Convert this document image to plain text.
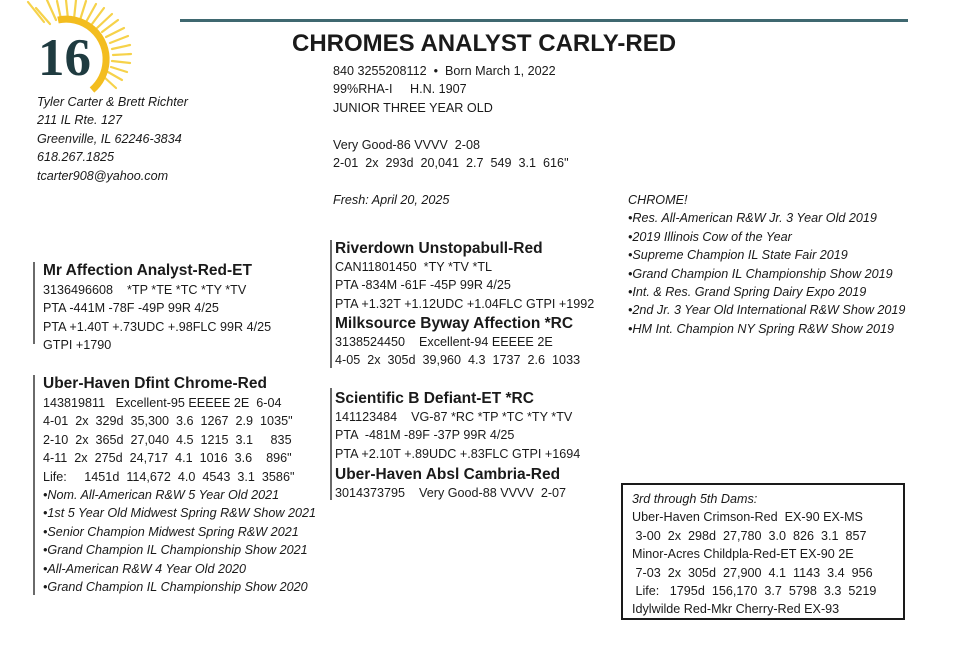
16	CHROMES ANALYST CARLY-RED
Tyler Carter & Brett Richter
211 IL Rte. 127
Greenville, IL 62246-3834
618.267.1825
tcarter908@yahoo.com
840 3255208112  •  Born March 1, 2022
99%RHA-I     H.N. 1907
JUNIOR THREE YEAR OLD
Very Good-86 VVVV  2-08
2-01  2x  293d  20,041  2.7  549  3.1  616"
Fresh: April 20, 2025
Mr Affection Analyst-Red-ET
3136496608    *TP *TE *TC *TY *TV
PTA -441M -78F -49P 99R 4/25
PTA +1.40T +.73UDC +.98FLC 99R 4/25
GTPI +1790
Uber-Haven Dfint Chrome-Red
143819811   Excellent-95 EEEEE 2E  6-04
4-01  2x  329d  35,300  3.6  1267  2.9  1035"
2-10  2x  365d  27,040  4.5  1215  3.1     835
4-11  2x  275d  24,717  4.1  1016  3.6    896"
Life:     1451d  114,672  4.0  4543  3.1  3586"
•Nom. All-American R&W 5 Year Old 2021
•1st 5 Year Old Midwest Spring R&W Show 2021
•Senior Champion Midwest Spring R&W 2021
•Grand Champion IL Championship Show 2021
•All-American R&W 4 Year Old 2020
•Grand Champion IL Championship Show 2020
Riverdown Unstopabull-Red
CAN11801450  *TY *TV *TL
PTA -834M -61F -45P 99R 4/25
PTA +1.32T +1.12UDC +1.04FLC GTPI +1992
Milksource Byway Affection *RC
3138524450    Excellent-94 EEEEE 2E
4-05  2x  305d  39,960  4.3  1737  2.6  1033
Scientific B Defiant-ET *RC
141123484    VG-87 *RC *TP *TC *TY *TV
PTA  -481M -89F -37P 99R 4/25
PTA +2.10T +.89UDC +.83FLC GTPI +1694
Uber-Haven Absl Cambria-Red
3014373795    Very Good-88 VVVV  2-07
CHROME!
•Res. All-American R&W Jr. 3 Year Old 2019
•2019 Illinois Cow of the Year
•Supreme Champion IL State Fair 2019
•Grand Champion IL Championship Show 2019
•Int. & Res. Grand Spring Dairy Expo 2019
•2nd Jr. 3 Year Old International R&W Show 2019
•HM Int. Champion NY Spring R&W Show 2019
3rd through 5th Dams:
Uber-Haven Crimson-Red  EX-90 EX-MS
3-00  2x  298d  27,780  3.0  826  3.1  857
Minor-Acres Childpla-Red-ET EX-90 2E
7-03  2x  305d  27,900  4.1  1143  3.4  956
Life:   1795d  156,170  3.7  5798  3.3  5219
Idylwilde Red-Mkr Cherry-Red EX-93
